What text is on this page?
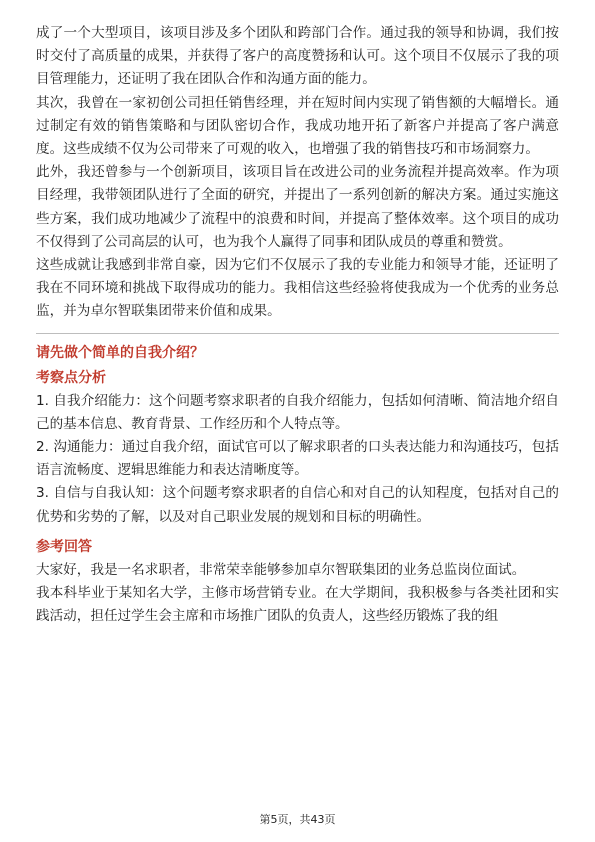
成了一个大型项目，该项目涉及多个团队和跨部门合作。通过我的领导和协调，我们按时交付了高质量的成果，并获得了客户的高度赞扬和认可。这个项目不仅展示了我的项目管理能力，还证明了我在团队合作和沟通方面的能力。

其次，我曾在一家初创公司担任销售经理，并在短时间内实现了销售额的大幅增长。通过制定有效的销售策略和与团队密切合作，我成功地开拓了新客户并提高了客户满意度。这些成绩不仅为公司带来了可观的收入，也增强了我的销售技巧和市场洞察力。

此外，我还曾参与一个创新项目，该项目旨在改进公司的业务流程并提高效率。作为项目经理，我带领团队进行了全面的研究，并提出了一系列创新的解决方案。通过实施这些方案，我们成功地减少了流程中的浪费和时间，并提高了整体效率。这个项目的成功不仅得到了公司高层的认可，也为我个人赢得了同事和团队成员的尊重和赞赏。

这些成就让我感到非常自豪，因为它们不仅展示了我的专业能力和领导才能，还证明了我在不同环境和挑战下取得成功的能力。我相信这些经验将使我成为一个优秀的业务总监，并为卓尔智联集团带来价值和成果。

请先做个简单的自我介绍？

考察点分析

1. 自我介绍能力：这个问题考察求职者的自我介绍能力，包括如何清晰、简洁地介绍自己的基本信息、教育背景、工作经历和个人特点等。

2. 沟通能力：通过自我介绍，面试官可以了解求职者的口头表达能力和沟通技巧，包括语言流畅度、逻辑思维能力和表达清晰度等。

3. 自信与自我认知：这个问题考察求职者的自信心和对自己的认知程度，包括对自己的优势和劣势的了解，以及对自己职业发展的规划和目标的明确性。

参考回答

大家好，我是一名求职者，非常荣幸能够参加卓尔智联集团的业务总监岗位面试。

我本科毕业于某知名大学，主修市场营销专业。在大学期间，我积极参与各类社团和实践活动，担任过学生会主席和市场推广团队的负责人，这些经历锻炼了我的组

第5页，共43页
